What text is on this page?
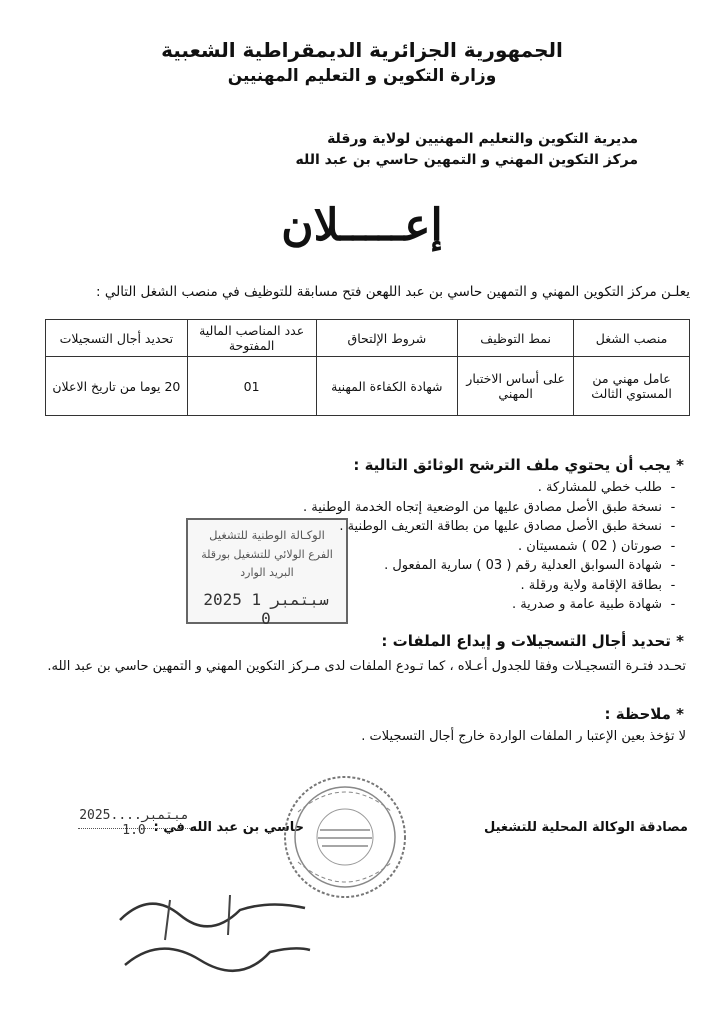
الجمهورية الجزائرية الديمقراطية الشعبية
وزارة التكوين و التعليم المهنيين
مديرية التكوين والتعليم المهنيين لولاية ورقلة
مركز التكوين المهني و التمهين حاسي بن عبد الله
إعـــــلان
يعلـن مركز التكوين المهني و التمهين حاسي بن عبد اللهعن فتح مسابقة للتوظيف في منصب الشغل التالي :
منصب الشغل	نمط التوظيف	شروط الإلتحاق	عدد المناصب المالية المفتوحة	تحديد أجال التسجيلات
عامل مهني من المستوي الثالث	على أساس الاختبار المهني	شهادة الكفاءة المهنية	01	20 يوما من تاريخ الاعلان
* يجب أن يحتوي ملف الترشح الوثائق التالية :
-طلب خطي للمشاركة .
-نسخة طبق الأصل مصادق عليها من الوضعية إتجاه الخدمة الوطنية .
-نسخة طبق الأصل مصادق عليها من بطاقة التعريف الوطنية .
-صورتان ( 02 ) شمسيتان .
-شهادة السوابق العدلية رقم ( 03 ) سارية المفعول .
-بطاقة الإقامة ولاية ورقلة .
-شهادة طبية عامة و صدرية .
الوكـالة الوطنية للتشغيل
الفرع الولائي للتشغيل بورقلة
البريد الوارد
2025 سبتمبر 1 0
* تحديد أجال التسجيلات و إيداع الملفات :
تحـدد فتـرة التسجيـلات وفقا للجدول أعـلاه ، كما تـودع الملفات لدى مـركز التكوين المهني و التمهين حاسي بن عبد الله.
* ملاحظة :
لا تؤخذ بعين الإعتبا ر الملفات الواردة خارج أجال التسجيلات .
مصادقة الوكالة المحلية للتشغيل
حاسي بن عبد الله في :
2025....مبتمبر 1.0
